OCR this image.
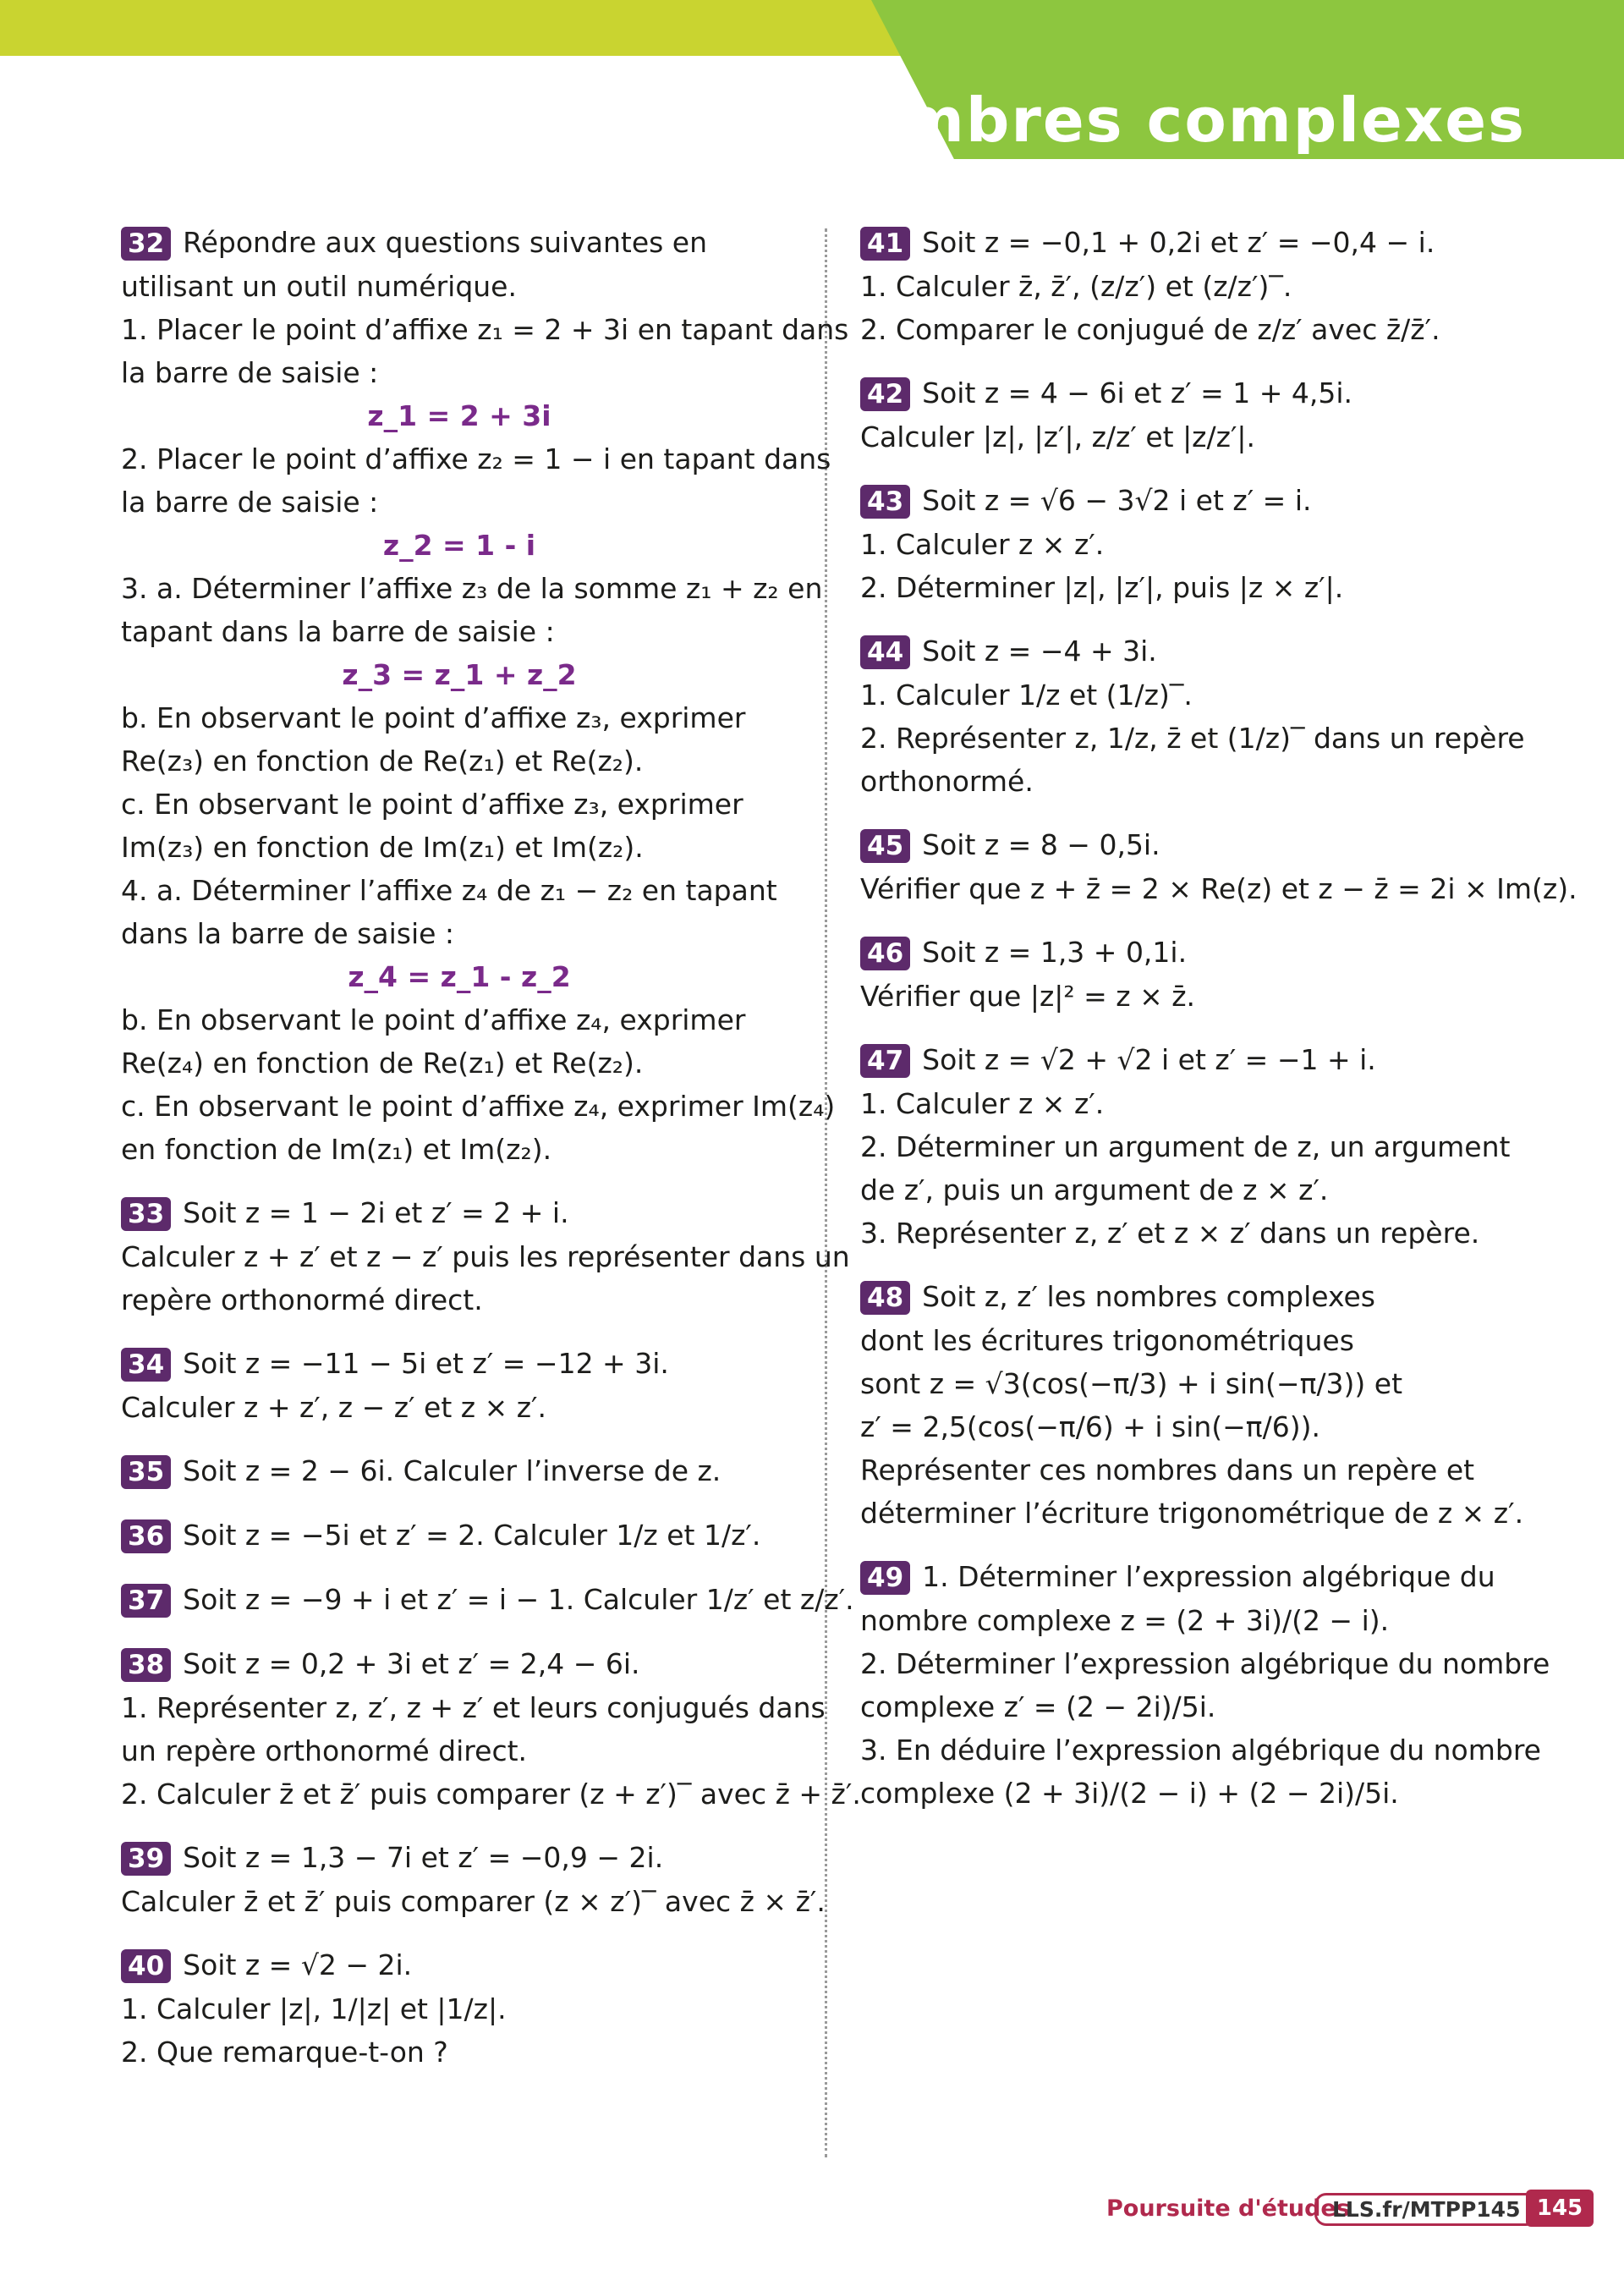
Nombres complexes
32 Répondre aux questions suivantes en
utilisant un outil numérique.
1. Placer le point d’affixe z₁ = 2 + 3i en tapant dans
la barre de saisie :
z_1 = 2 + 3i
2. Placer le point d’affixe z₂ = 1 − i en tapant dans
la barre de saisie :
z_2 = 1 - i
3. a. Déterminer l’affixe z₃ de la somme z₁ + z₂ en
tapant dans la barre de saisie :
z_3 = z_1 + z_2
b. En observant le point d’affixe z₃, exprimer
Re(z₃) en fonction de Re(z₁) et Re(z₂).
c. En observant le point d’affixe z₃, exprimer
Im(z₃) en fonction de Im(z₁) et Im(z₂).
4. a. Déterminer l’affixe z₄ de z₁ − z₂ en tapant
dans la barre de saisie :
z_4 = z_1 - z_2
b. En observant le point d’affixe z₄, exprimer
Re(z₄) en fonction de Re(z₁) et Re(z₂).
c. En observant le point d’affixe z₄, exprimer Im(z₄)
en fonction de Im(z₁) et Im(z₂).
33 Soit z = 1 − 2i et z′ = 2 + i.
Calculer z + z′ et z − z′ puis les représenter dans un
repère orthonormé direct.
34 Soit z = −11 − 5i et z′ = −12 + 3i.
Calculer z + z′, z − z′ et z × z′.
35 Soit z = 2 − 6i. Calculer l’inverse de z.
36 Soit z = −5i et z′ = 2. Calculer 1/z et 1/z′.
37 Soit z = −9 + i et z′ = i − 1. Calculer 1/z′ et z/z′.
38 Soit z = 0,2 + 3i et z′ = 2,4 − 6i.
1. Représenter z, z′, z + z′ et leurs conjugués dans
un repère orthonormé direct.
2. Calculer z̄ et z̄′ puis comparer (z + z′)‾ avec z̄ + z̄′.
39 Soit z = 1,3 − 7i et z′ = −0,9 − 2i.
Calculer z̄ et z̄′ puis comparer (z × z′)‾ avec z̄ × z̄′.
40 Soit z = √2 − 2i.
1. Calculer |z|, 1/|z| et |1/z|.
2. Que remarque-t-on ?
41 Soit z = −0,1 + 0,2i et z′ = −0,4 − i.
1. Calculer z̄, z̄′, (z/z′) et (z/z′)‾.
2. Comparer le conjugué de z/z′ avec z̄/z̄′.
42 Soit z = 4 − 6i et z′ = 1 + 4,5i.
Calculer |z|, |z′|, z/z′ et |z/z′|.
43 Soit z = √6 − 3√2 i et z′ = i.
1. Calculer z × z′.
2. Déterminer |z|, |z′|, puis |z × z′|.
44 Soit z = −4 + 3i.
1. Calculer 1/z et (1/z)‾.
2. Représenter z, 1/z, z̄ et (1/z)‾ dans un repère
orthonormé.
45 Soit z = 8 − 0,5i.
Vérifier que z + z̄ = 2 × Re(z) et z − z̄ = 2i × Im(z).
46 Soit z = 1,3 + 0,1i.
Vérifier que |z|² = z × z̄.
47 Soit z = √2 + √2 i et z′ = −1 + i.
1. Calculer z × z′.
2. Déterminer un argument de z, un argument
de z′, puis un argument de z × z′.
3. Représenter z, z′ et z × z′ dans un repère.
48 Soit z, z′ les nombres complexes
dont les écritures trigonométriques
sont z = √3(cos(−π/3) + i sin(−π/3)) et
z′ = 2,5(cos(−π/6) + i sin(−π/6)).
Représenter ces nombres dans un repère et
déterminer l’écriture trigonométrique de z × z′.
49 1. Déterminer l’expression algébrique du
nombre complexe z = (2 + 3i)/(2 − i).
2. Déterminer l’expression algébrique du nombre
complexe z′ = (2 − 2i)/5i.
3. En déduire l’expression algébrique du nombre
complexe (2 + 3i)/(2 − i) + (2 − 2i)/5i.
Poursuite d'études
LLS.fr/MTPP145 145
